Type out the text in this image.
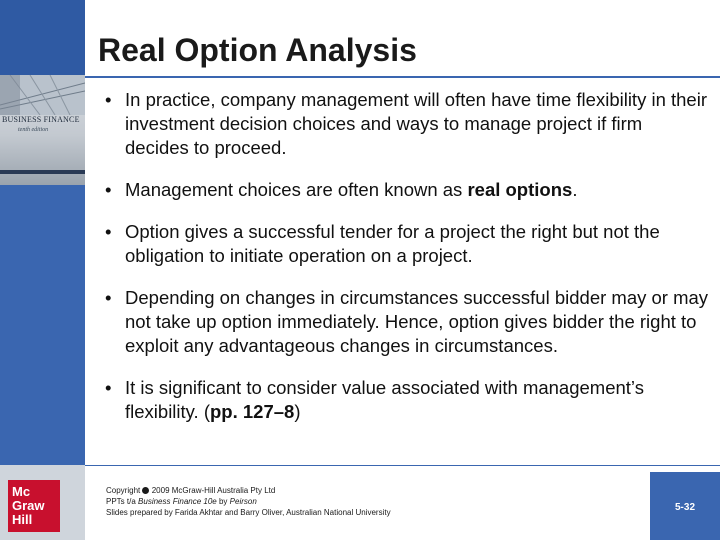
BUSINESS FINANCE
tenth edition
Mc
Graw
Hill
Real Option Analysis
• In practice, company management will often have time flexibility in their investment decision choices and ways to manage project if firm decides to proceed.
• Management choices are often known as real options.
• Option gives a successful tender for a project the right but not the obligation to initiate operation on a project.
• Depending on changes in circumstances successful bidder may or may not take up option immediately. Hence, option gives bidder the right to exploit any advantageous changes in circumstances.
• It is significant to consider value associated with management’s flexibility. (pp. 127–8)
Copyright 2009 McGraw-Hill Australia Pty Ltd
PPTs t/a Business Finance 10e by Peirson
Slides prepared by Farida Akhtar and Barry Oliver, Australian National University	5-32
